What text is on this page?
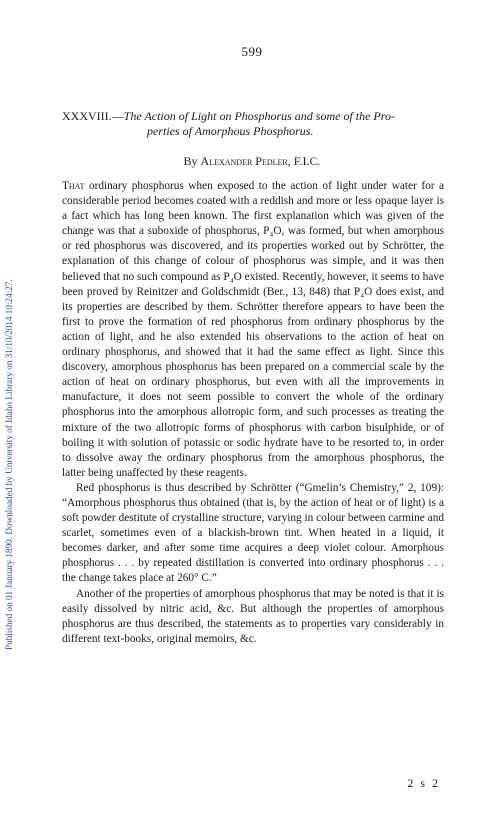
599
Published on 01 January 1890. Downloaded by University of Idaho Library on 31/10/2014 10:24:27.
XXXVIII.—The Action of Light on Phosphorus and some of the Pro-
perties of Amorphous Phosphorus.
By Alexander Pedler, F.I.C.

That ordinary phosphorus when exposed to the action of light under water for a considerable period becomes coated with a reddish and more or less opaque layer is a fact which has long been known. The first explanation which was given of the change was that a suboxide of phosphorus, P₄O, was formed, but when amorphous or red phosphorus was discovered, and its properties worked out by Schrötter, the explanation of this change of colour of phosphorus was simple, and it was then believed that no such compound as P₄O existed. Recently, however, it seems to have been proved by Reinitzer and Goldschmidt (Ber., 13, 848) that P₄O does exist, and its properties are described by them. Schrötter therefore appears to have been the first to prove the formation of red phosphorus from ordinary phosphorus by the action of light, and he also extended his observations to the action of heat on ordinary phosphorus, and showed that it had the same effect as light. Since this discovery, amorphous phosphorus has been prepared on a commercial scale by the action of heat on ordinary phosphorus, but even with all the improvements in manufacture, it does not seem possible to convert the whole of the ordinary phosphorus into the amorphous allotropic form, and such processes as treating the mixture of the two allotropic forms of phosphorus with carbon bisulphide, or of boiling it with solution of potassic or sodic hydrate have to be resorted to, in order to dissolve away the ordinary phosphorus from the amorphous phosphorus, the latter being unaffected by these reagents.

Red phosphorus is thus described by Schrötter (“Gmelin’s Chemistry,” 2, 109): “Amorphous phosphorus thus obtained (that is, by the action of heat or of light) is a soft powder destitute of crystalline structure, varying in colour between carmine and scarlet, sometimes even of a blackish-brown tint. When heated in a liquid, it becomes darker, and after some time acquires a deep violet colour. Amorphous phosphorus . . . by repeated distillation is converted into ordinary phosphorus . . . the change takes place at 260° C.”

Another of the properties of amorphous phosphorus that may be noted is that it is easily dissolved by nitric acid, &c. But although the properties of amorphous phosphorus are thus described, the statements as to properties vary considerably in different text-books, original memoirs, &c.

2 s 2
